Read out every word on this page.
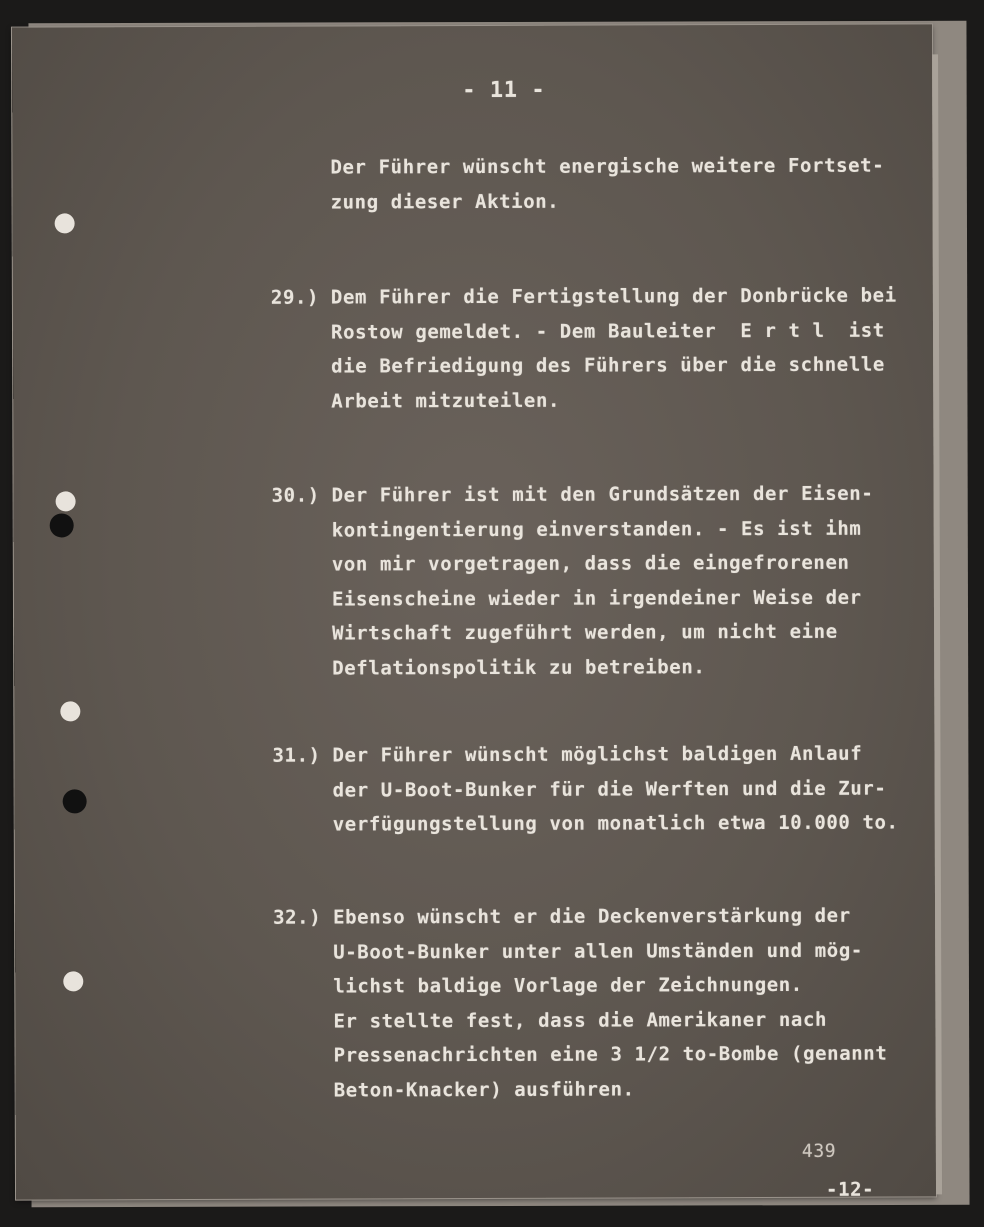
- 11 -
Der Führer wünscht energische weitere Fortset-
zung dieser Aktion.
29.) Dem Führer die Fertigstellung der Donbrücke bei
Rostow gemeldet. - Dem Bauleiter  E r t l  ist
die Befriedigung des Führers über die schnelle
Arbeit mitzuteilen.
30.) Der Führer ist mit den Grundsätzen der Eisen-
kontingentierung einverstanden. - Es ist ihm
von mir vorgetragen, dass die eingefrorenen
Eisenscheine wieder in irgendeiner Weise der
Wirtschaft zugeführt werden, um nicht eine
Deflationspolitik zu betreiben.
31.) Der Führer wünscht möglichst baldigen Anlauf
der U-Boot-Bunker für die Werften und die Zur-
verfügungstellung von monatlich etwa 10.000 to.
32.) Ebenso wünscht er die Deckenverstärkung der
U-Boot-Bunker unter allen Umständen und mög-
lichst baldige Vorlage der Zeichnungen.
Er stellte fest, dass die Amerikaner nach
Pressenachrichten eine 3 1/2 to-Bombe (genannt
Beton-Knacker) ausführen.
439
-12-
